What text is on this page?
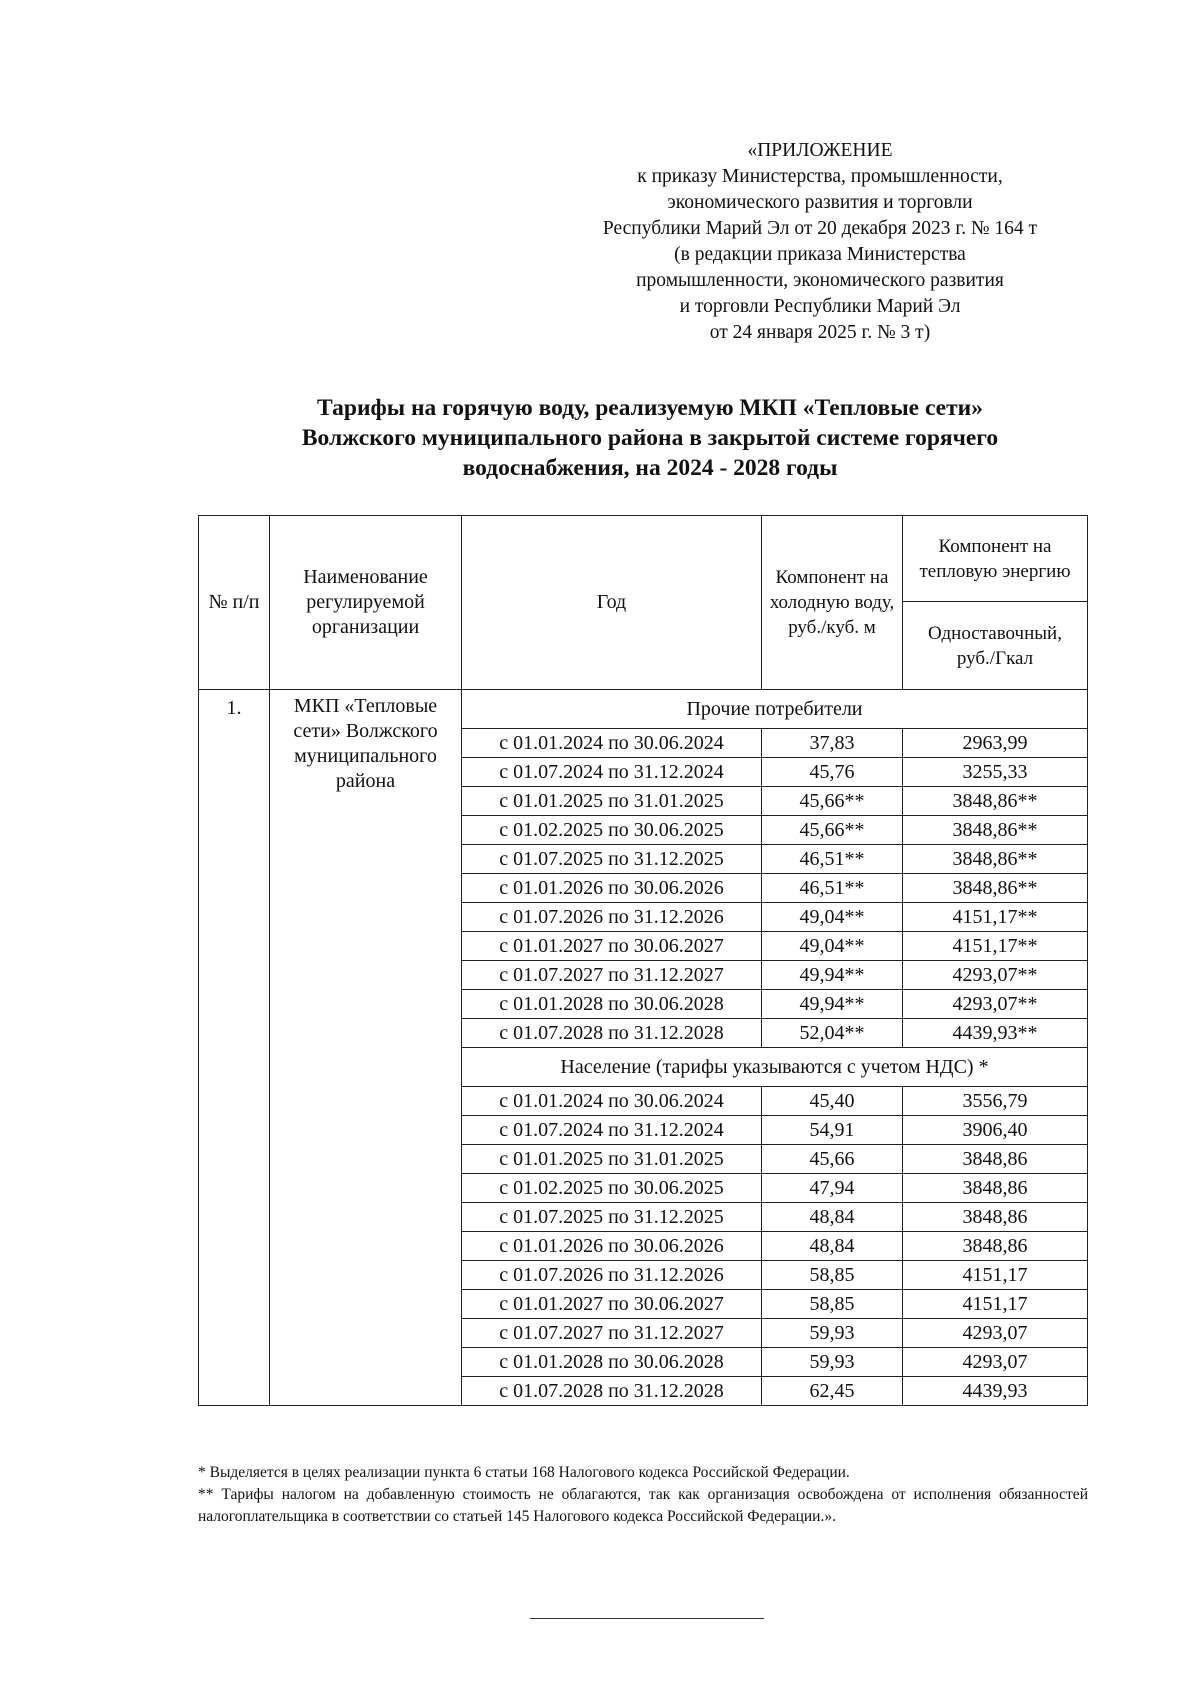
«ПРИЛОЖЕНИЕ
к приказу Министерства, промышленности,
экономического развития и торговли
Республики Марий Эл от 20 декабря 2023 г. № 164 т
(в редакции приказа Министерства
промышленности, экономического развития
и торговли Республики Марий Эл
от 24 января 2025 г. № 3 т)
Тарифы на горячую воду, реализуемую МКП «Тепловые сети»
Волжского муниципального района в закрытой системе горячего
водоснабжения, на 2024 - 2028 годы
№ п/п	Наименование регулируемой организации	Год	Компонент на холодную воду, руб./куб. м	Компонент на тепловую энергию
				Одноставочный, руб./Гкал
1.	МКП «Тепловые сети» Волжского муниципального района	Прочие потребители		
		с 01.01.2024 по 30.06.2024	37,83	2963,99
		с 01.07.2024 по 31.12.2024	45,76	3255,33
		с 01.01.2025 по 31.01.2025	45,66**	3848,86**
		с 01.02.2025 по 30.06.2025	45,66**	3848,86**
		с 01.07.2025 по 31.12.2025	46,51**	3848,86**
		с 01.01.2026 по 30.06.2026	46,51**	3848,86**
		с 01.07.2026 по 31.12.2026	49,04**	4151,17**
		с 01.01.2027 по 30.06.2027	49,04**	4151,17**
		с 01.07.2027 по 31.12.2027	49,94**	4293,07**
		с 01.01.2028 по 30.06.2028	49,94**	4293,07**
		с 01.07.2028 по 31.12.2028	52,04**	4439,93**
		Население (тарифы указываются с учетом НДС) *		
		с 01.01.2024 по 30.06.2024	45,40	3556,79
		с 01.07.2024 по 31.12.2024	54,91	3906,40
		с 01.01.2025 по 31.01.2025	45,66	3848,86
		с 01.02.2025 по 30.06.2025	47,94	3848,86
		с 01.07.2025 по 31.12.2025	48,84	3848,86
		с 01.01.2026 по 30.06.2026	48,84	3848,86
		с 01.07.2026 по 31.12.2026	58,85	4151,17
		с 01.01.2027 по 30.06.2027	58,85	4151,17
		с 01.07.2027 по 31.12.2027	59,93	4293,07
		с 01.01.2028 по 30.06.2028	59,93	4293,07
		с 01.07.2028 по 31.12.2028	62,45	4439,93

* Выделяется в целях реализации пункта 6 статьи 168 Налогового кодекса Российской Федерации.

** Тарифы налогом на добавленную стоимость не облагаются, так как организация освобождена от исполнения обязанностей налогоплательщика в соответствии со статьей 145 Налогового кодекса Российской Федерации.».
